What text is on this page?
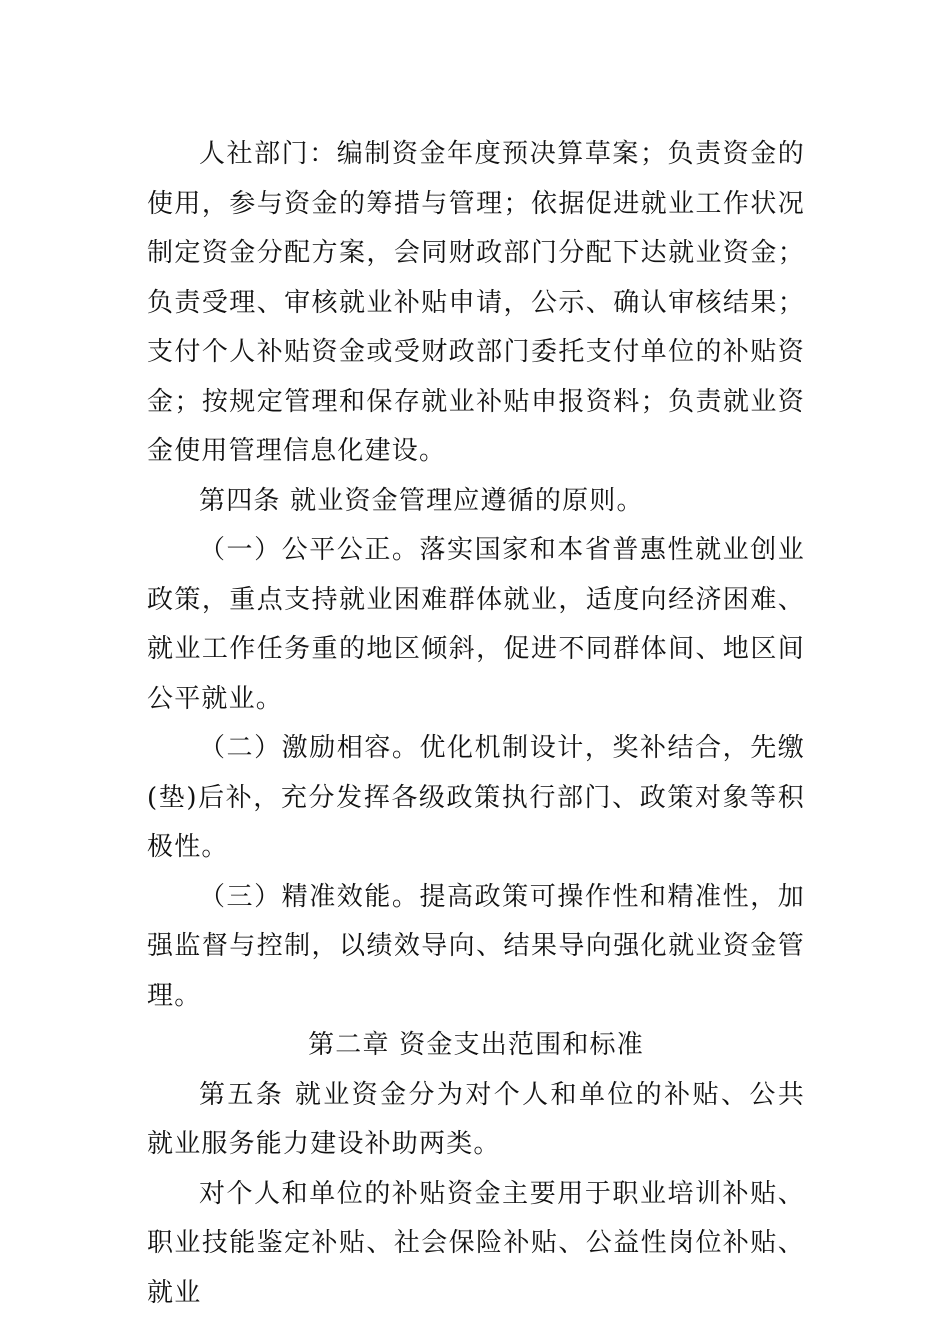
人社部门：编制资金年度预决算草案；负责资金的使用，参与资金的筹措与管理；依据促进就业工作状况制定资金分配方案，会同财政部门分配下达就业资金；负责受理、审核就业补贴申请，公示、确认审核结果；支付个人补贴资金或受财政部门委托支付单位的补贴资金；按规定管理和保存就业补贴申报资料；负责就业资金使用管理信息化建设。

第四条 就业资金管理应遵循的原则。

（一）公平公正。落实国家和本省普惠性就业创业政策，重点支持就业困难群体就业，适度向经济困难、就业工作任务重的地区倾斜，促进不同群体间、地区间公平就业。

（二）激励相容。优化机制设计，奖补结合，先缴(垫)后补，充分发挥各级政策执行部门、政策对象等积极性。

（三）精准效能。提高政策可操作性和精准性，加强监督与控制，以绩效导向、结果导向强化就业资金管理。

第二章 资金支出范围和标准

第五条 就业资金分为对个人和单位的补贴、公共就业服务能力建设补助两类。

对个人和单位的补贴资金主要用于职业培训补贴、职业技能鉴定补贴、社会保险补贴、公益性岗位补贴、就业
